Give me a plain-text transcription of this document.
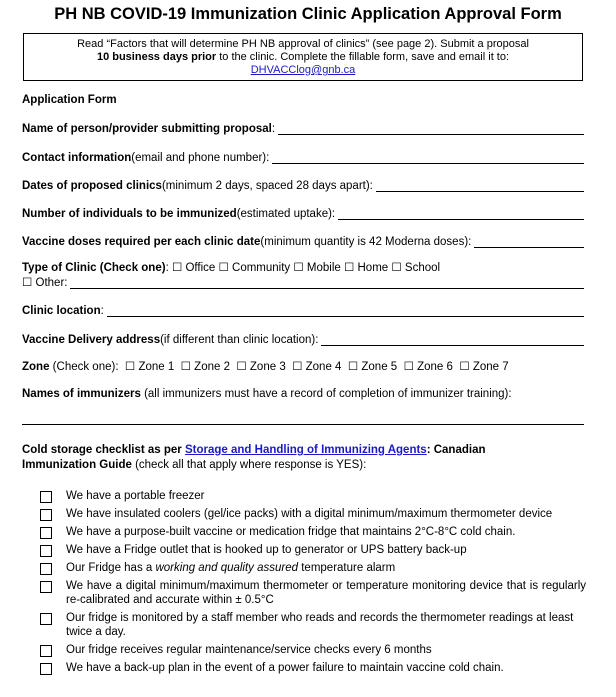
PH NB COVID-19 Immunization Clinic Application Approval Form
Read “Factors that will determine PH NB approval of clinics” (see page 2). Submit a proposal
10 business days prior to the clinic. Complete the fillable form, save and email it to:
DHVACClog@gnb.ca
Application Form
Name of person/provider submitting proposal :
Contact information (email and phone number):
Dates of proposed clinics (minimum 2 days, spaced 28 days apart):
Number of individuals to be immunized (estimated uptake):
Vaccine doses required per each clinic date (minimum quantity is 42 Moderna doses):
Type of Clinic (Check one): ☐ Office ☐ Community ☐ Mobile ☐ Home ☐ School
☐
Other:
Clinic location :
Vaccine Delivery address (if different than clinic location):
Zone (Check one): ☐ Zone 1 ☐ Zone 2 ☐ Zone 3 ☐ Zone 4 ☐ Zone 5 ☐ Zone 6 ☐ Zone 7
Names of immunizers (all immunizers must have a record of completion of immunizer training):
Cold storage checklist as per Storage and Handling of Immunizing Agents: Canadian
Immunization Guide (check all that apply where response is YES):
We have a portable freezer
We have insulated coolers (gel/ice packs) with a digital minimum/maximum thermometer device
We have a purpose-built vaccine or medication fridge that maintains 2°C-8°C cold chain.
We have a Fridge outlet that is hooked up to generator or UPS battery back-up
Our Fridge has a working and quality assured temperature alarm
We have a digital minimum/maximum thermometer or temperature monitoring device that is regularly re-calibrated and accurate within ± 0.5°C
Our fridge is monitored by a staff member who reads and records the thermometer readings at least twice a day.
Our fridge receives regular maintenance/service checks every 6 months
We have a back-up plan in the event of a power failure to maintain vaccine cold chain.
